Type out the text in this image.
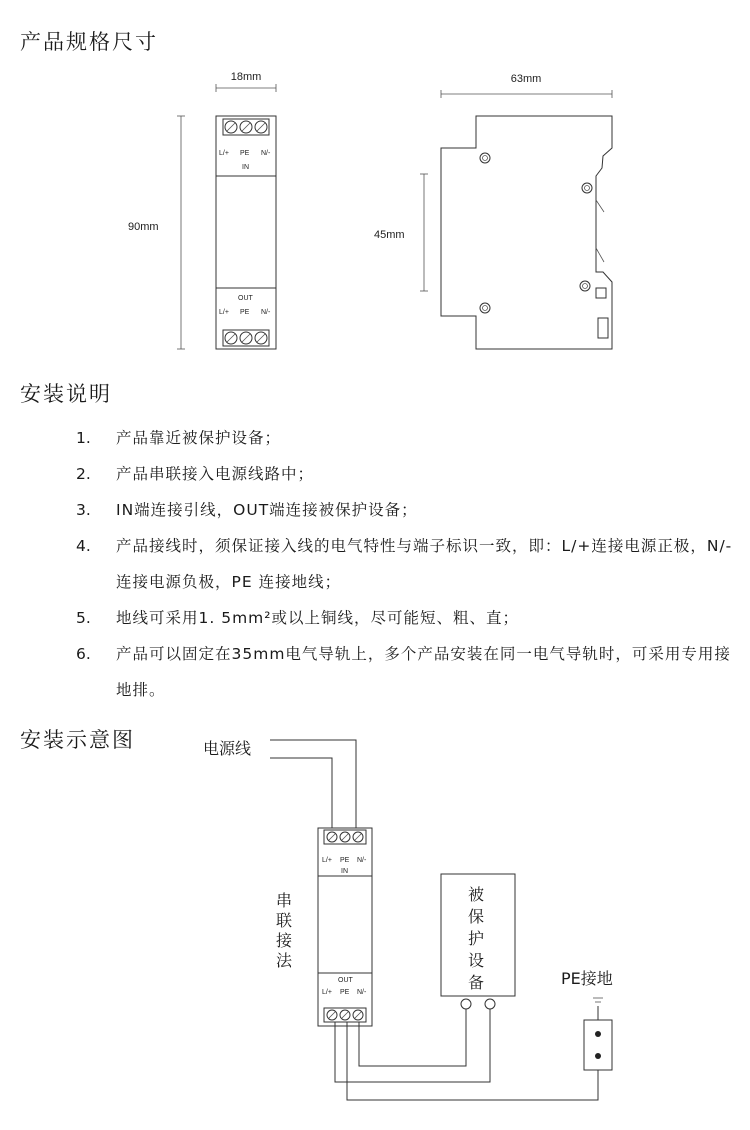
产品规格尺寸
18mm
90mm
L/+ PE N/-
IN
OUT
L/+ PE N/-
63mm
45mm
安装说明
1.	产品靠近被保护设备；
2.	产品串联接入电源线路中；
3.	IN端连接引线，OUT端连接被保护设备；
4.	产品接线时，须保证接入线的电气特性与端子标识一致，即：L/+连接电源正极，N/-连接电源负极，PE 连接地线；
5.	地线可采用1. 5mm²或以上铜线，尽可能短、粗、直；
6.	产品可以固定在35mm电气导轨上，多个产品安装在同一电气导轨时，可采用专用接地排。
安装示意图	电源线
L/+ PE N/-
IN
OUT
L/+ PE N/-
串
联
接
法
被
保
护
设
备	PE接地
